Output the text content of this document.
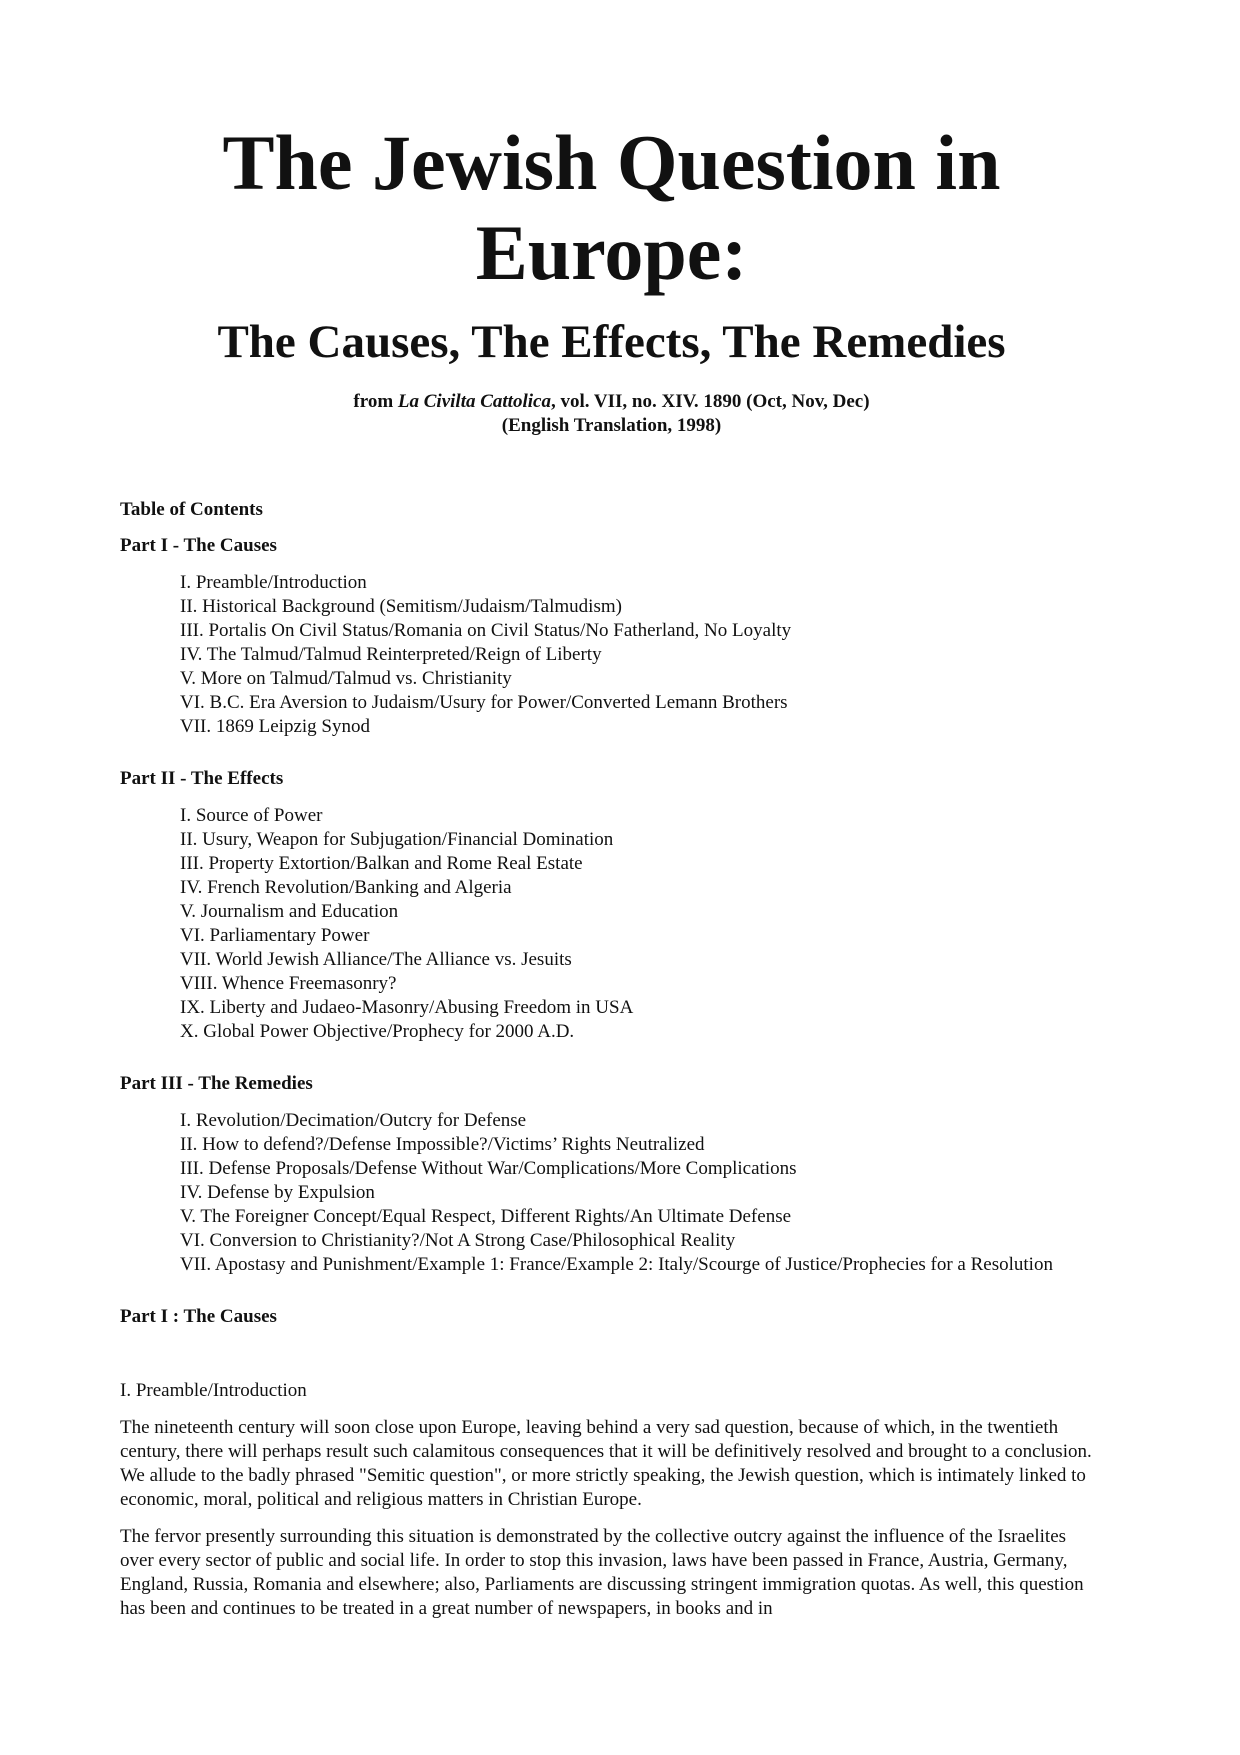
The Jewish Question in Europe:
The Causes, The Effects, The Remedies
from La Civilta Cattolica, vol. VII, no. XIV. 1890 (Oct, Nov, Dec)
(English Translation, 1998)
Table of Contents
Part I - The Causes
I. Preamble/Introduction
II. Historical Background (Semitism/Judaism/Talmudism)
III. Portalis On Civil Status/Romania on Civil Status/No Fatherland, No Loyalty
IV. The Talmud/Talmud Reinterpreted/Reign of Liberty
V. More on Talmud/Talmud vs. Christianity
VI. B.C. Era Aversion to Judaism/Usury for Power/Converted Lemann Brothers
VII. 1869 Leipzig Synod
Part II - The Effects
I. Source of Power
II. Usury, Weapon for Subjugation/Financial Domination
III. Property Extortion/Balkan and Rome Real Estate
IV. French Revolution/Banking and Algeria
V. Journalism and Education
VI. Parliamentary Power
VII. World Jewish Alliance/The Alliance vs. Jesuits
VIII. Whence Freemasonry?
IX. Liberty and Judaeo-Masonry/Abusing Freedom in USA
X. Global Power Objective/Prophecy for 2000 A.D.
Part III - The Remedies
I. Revolution/Decimation/Outcry for Defense
II. How to defend?/Defense Impossible?/Victims’ Rights Neutralized
III. Defense Proposals/Defense Without War/Complications/More Complications
IV. Defense by Expulsion
V. The Foreigner Concept/Equal Respect, Different Rights/An Ultimate Defense
VI. Conversion to Christianity?/Not A Strong Case/Philosophical Reality
VII. Apostasy and Punishment/Example 1: France/Example 2: Italy/Scourge of Justice/Prophecies for a Resolution
Part I : The Causes
I. Preamble/Introduction

The nineteenth century will soon close upon Europe, leaving behind a very sad question, because of which, in the twentieth century, there will perhaps result such calamitous consequences that it will be definitively resolved and brought to a conclusion. We allude to the badly phrased "Semitic question", or more strictly speaking, the Jewish question, which is intimately linked to economic, moral, political and religious matters in Christian Europe.

The fervor presently surrounding this situation is demonstrated by the collective outcry against the influence of the Israelites over every sector of public and social life. In order to stop this invasion, laws have been passed in France, Austria, Germany, England, Russia, Romania and elsewhere; also, Parliaments are discussing stringent immigration quotas. As well, this question has been and continues to be treated in a great number of newspapers, in books and in
